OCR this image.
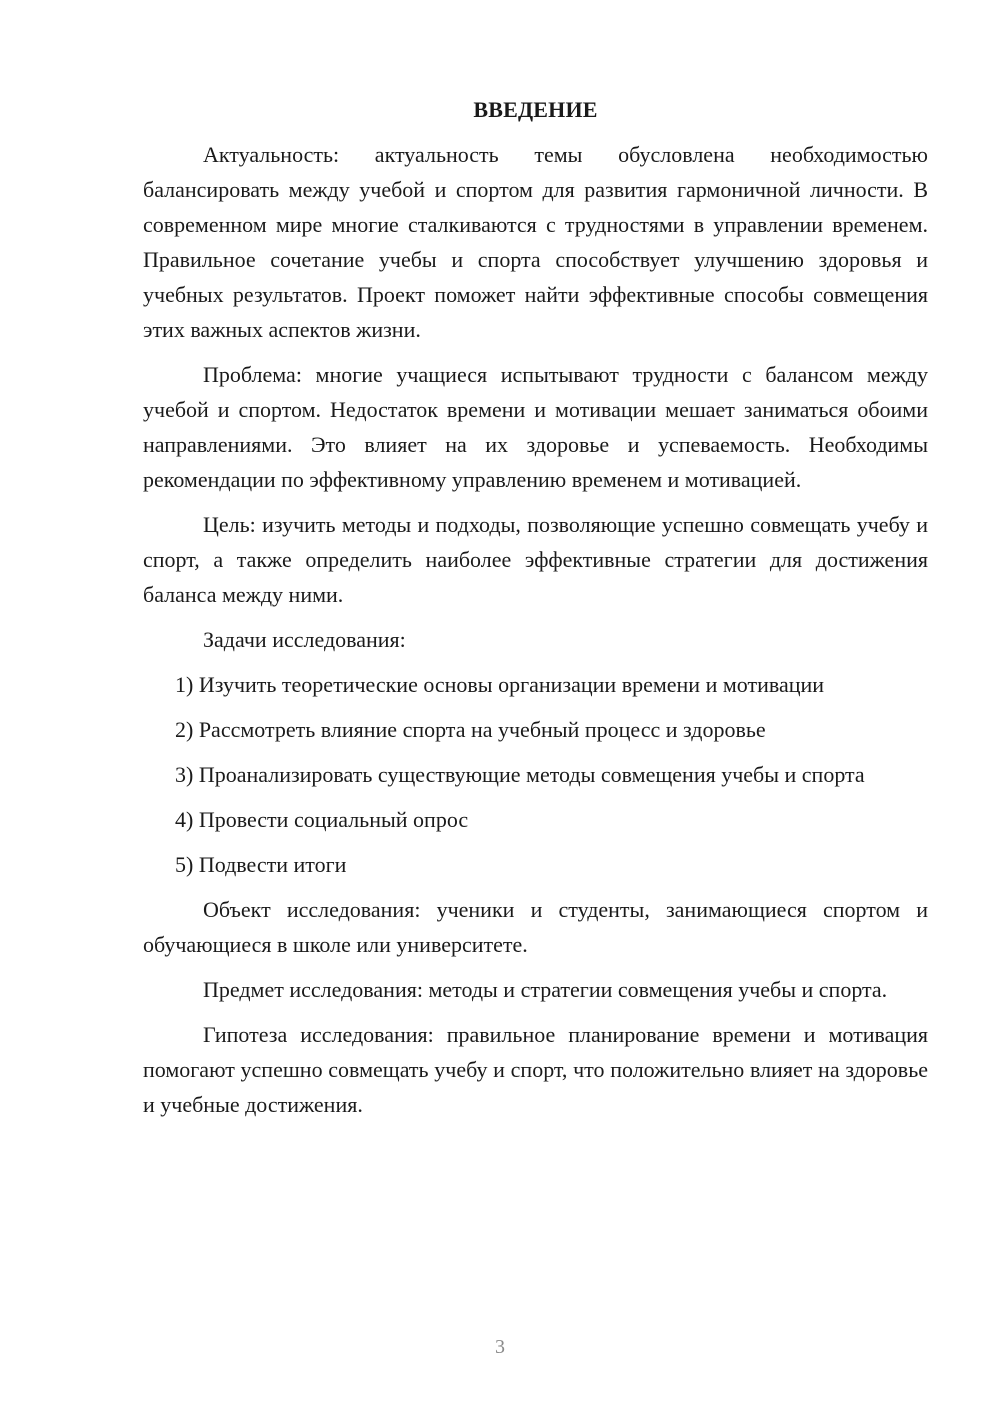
ВВЕДЕНИЕ

Актуальность: актуальность темы обусловлена необходимостью балансировать между учебой и спортом для развития гармоничной личности. В современном мире многие сталкиваются с трудностями в управлении временем. Правильное сочетание учебы и спорта способствует улучшению здоровья и учебных результатов. Проект поможет найти эффективные способы совмещения этих важных аспектов жизни.

Проблема: многие учащиеся испытывают трудности с балансом между учебой и спортом. Недостаток времени и мотивации мешает заниматься обоими направлениями. Это влияет на их здоровье и успеваемость. Необходимы рекомендации по эффективному управлению временем и мотивацией.

Цель: изучить методы и подходы, позволяющие успешно совмещать учебу и спорт, а также определить наиболее эффективные стратегии для достижения баланса между ними.

Задачи исследования:

1) Изучить теоретические основы организации времени и мотивации

2) Рассмотреть влияние спорта на учебный процесс и здоровье

3) Проанализировать существующие методы совмещения учебы и спорта

4) Провести социальный опрос

5) Подвести итоги

Объект исследования: ученики и студенты, занимающиеся спортом и обучающиеся в школе или университете.

Предмет исследования: методы и стратегии совмещения учебы и спорта.

Гипотеза исследования: правильное планирование времени и мотивация помогают успешно совмещать учебу и спорт, что положительно влияет на здоровье и учебные достижения.

3
